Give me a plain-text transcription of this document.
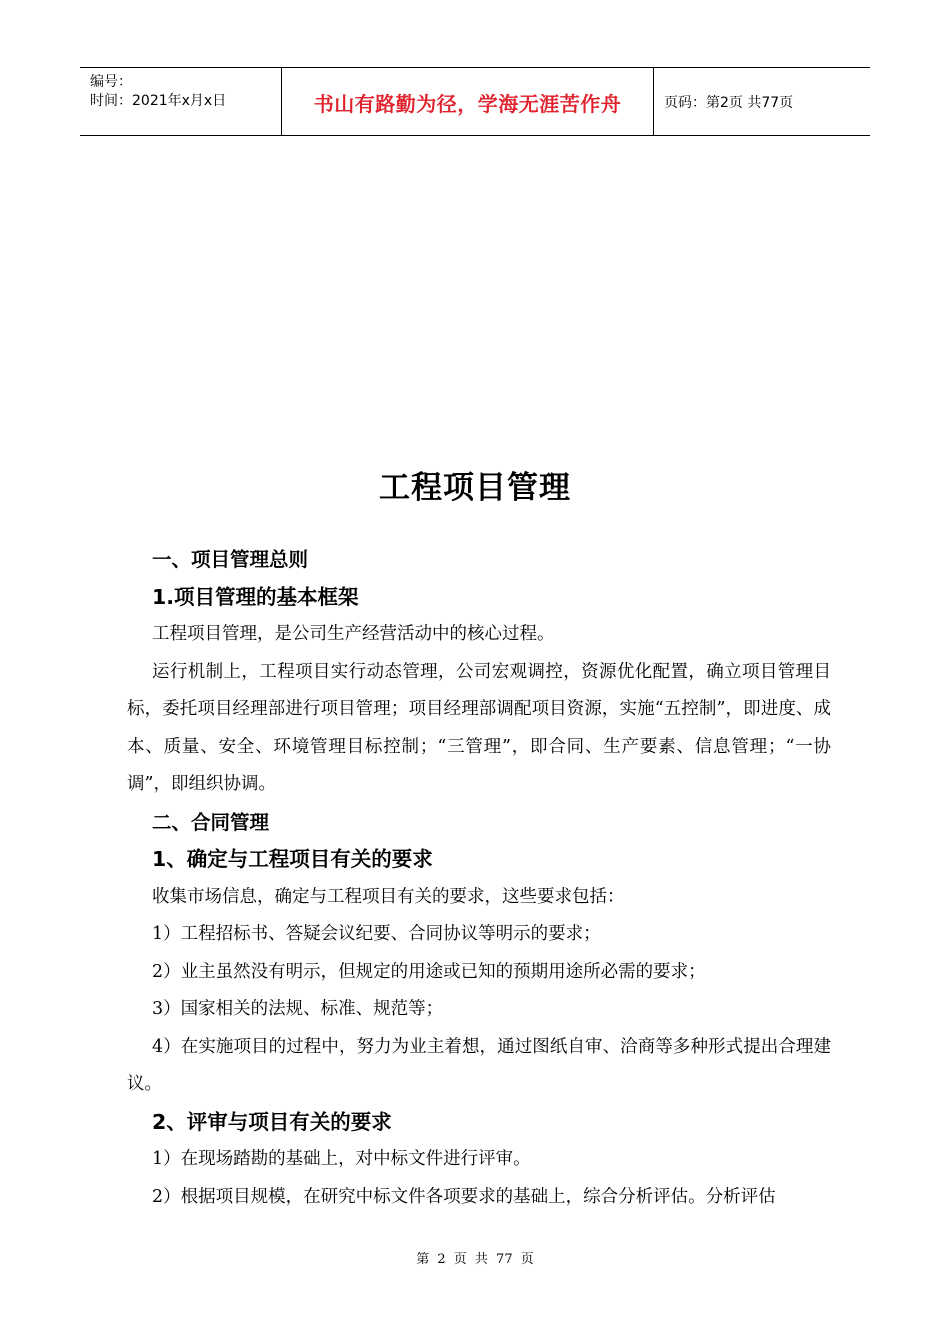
编号：
时间：2021年x月x日	书山有路勤为径，学海无涯苦作舟	页码：第2页 共77页
工程项目管理

一、项目管理总则

1.项目管理的基本框架

工程项目管理，是公司生产经营活动中的核心过程。

运行机制上，工程项目实行动态管理，公司宏观调控，资源优化配置，确立项目管理目标，委托项目经理部进行项目管理；项目经理部调配项目资源，实施“五控制”，即进度、成本、质量、安全、环境管理目标控制；“三管理”，即合同、生产要素、信息管理；“一协调”，即组织协调。

二、合同管理

1、确定与工程项目有关的要求

收集市场信息，确定与工程项目有关的要求，这些要求包括：

1）工程招标书、答疑会议纪要、合同协议等明示的要求；

2）业主虽然没有明示，但规定的用途或已知的预期用途所必需的要求；

3）国家相关的法规、标准、规范等；

4）在实施项目的过程中，努力为业主着想，通过图纸自审、洽商等多种形式提出合理建议。

2、评审与项目有关的要求

1）在现场踏勘的基础上，对中标文件进行评审。

2）根据项目规模，在研究中标文件各项要求的基础上，综合分析评估。分析评估

第 2 页 共 77 页
